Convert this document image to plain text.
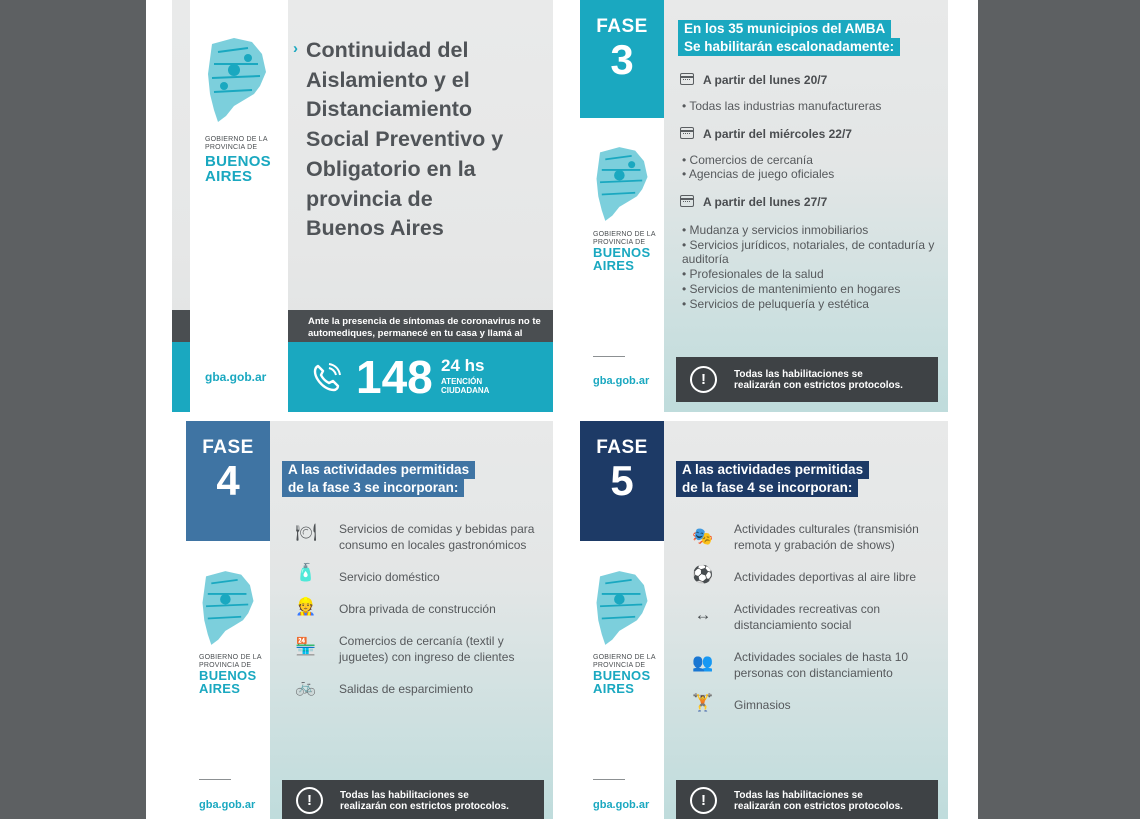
GOBIERNO DE LA
PROVINCIA DE
BUENOS
AIRES
gba.gob.ar
› Continuidad del
Aislamiento y el
Distanciamiento
Social Preventivo y
Obligatorio en la
provincia de
Buenos Aires
Ante la presencia de síntomas de coronavirus no te
automediques, permanecé en tu casa y llamá al
148 24 hs
ATENCIÓN
CIUDADANA
FASE
3
GOBIERNO DE LA
PROVINCIA DE
BUENOS
AIRES
gba.gob.ar
En los 35 municipios del AMBA
Se habilitarán escalonadamente:
A partir del lunes 20/7
• Todas las industrias manufactureras
A partir del miércoles 22/7
• Comercios de cercanía
• Agencias de juego oficiales
A partir del lunes 27/7
• Mudanza y servicios inmobiliarios
• Servicios jurídicos, notariales, de contaduría y
auditoría
• Profesionales de la salud
• Servicios de mantenimiento en hogares
• Servicios de peluquería y estética
!	Todas las habilitaciones se
realizarán con estrictos protocolos.
FASE
4
GOBIERNO DE LA
PROVINCIA DE
BUENOS
AIRES
gba.gob.ar
A las actividades permitidas
de la fase 3 se incorporan:
🍽 Servicios de comidas y bebidas para
consumo en locales gastronómicos
🧴 Servicio doméstico
👷 Obra privada de construcción
🏪 Comercios de cercanía (textil y
juguetes) con ingreso de clientes
🚲 Salidas de esparcimiento
!	Todas las habilitaciones se
realizarán con estrictos protocolos.
FASE
5
GOBIERNO DE LA
PROVINCIA DE
BUENOS
AIRES
gba.gob.ar
A las actividades permitidas
de la fase 4 se incorporan:
🎭 Actividades culturales (transmisión
remota y grabación de shows)
⚽ Actividades deportivas al aire libre
↔	Actividades recreativas con
distanciamiento social
👥 Actividades sociales de hasta 10
personas con distanciamiento
🏋 Gimnasios
!	Todas las habilitaciones se
realizarán con estrictos protocolos.
